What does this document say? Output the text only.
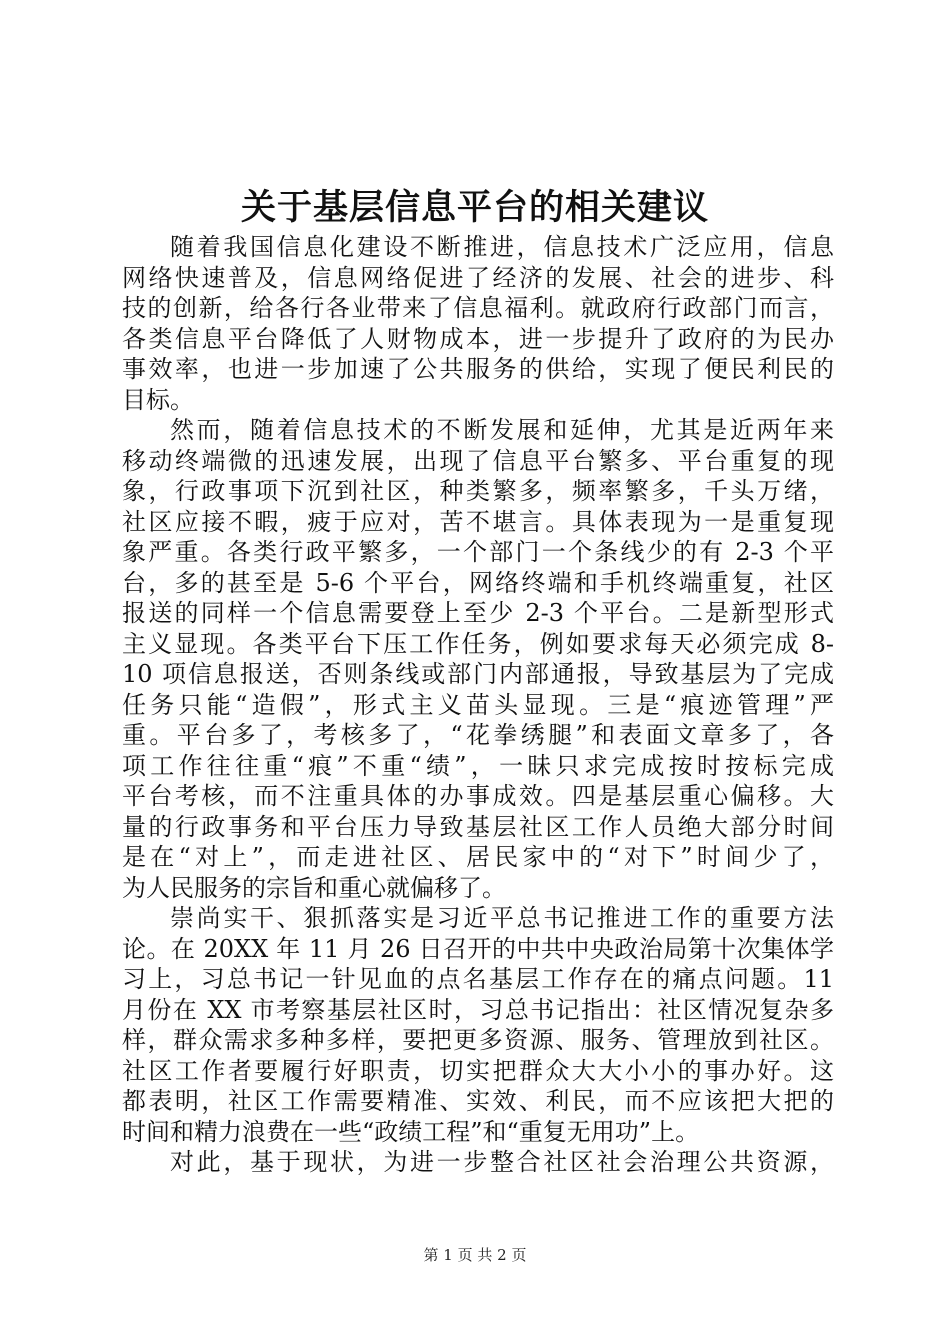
关于基层信息平台的相关建议
随着我国信息化建设不断推进，信息技术广泛应用，信息
网络快速普及，信息网络促进了经济的发展、社会的进步、科
技的创新，给各行各业带来了信息福利。就政府行政部门而言，
各类信息平台降低了人财物成本，进一步提升了政府的为民办
事效率，也进一步加速了公共服务的供给，实现了便民利民的
目标。
然而，随着信息技术的不断发展和延伸，尤其是近两年来
移动终端微的迅速发展，出现了信息平台繁多、平台重复的现
象，行政事项下沉到社区，种类繁多，频率繁多，千头万绪，
社区应接不暇，疲于应对，苦不堪言。具体表现为一是重复现
象严重。各类行政平繁多，一个部门一个条线少的有 2-3 个平
台，多的甚至是 5-6 个平台，网络终端和手机终端重复，社区
报送的同样一个信息需要登上至少 2-3 个平台。二是新型形式
主义显现。各类平台下压工作任务，例如要求每天必须完成 8-
10 项信息报送，否则条线或部门内部通报，导致基层为了完成
任务只能“造假”，形式主义苗头显现。三是“痕迹管理”严
重。平台多了，考核多了，“花拳绣腿”和表面文章多了，各
项工作往往重“痕”不重“绩”，一昧只求完成按时按标完成
平台考核，而不注重具体的办事成效。四是基层重心偏移。大
量的行政事务和平台压力导致基层社区工作人员绝大部分时间
是在“对上”，而走进社区、居民家中的“对下”时间少了，
为人民服务的宗旨和重心就偏移了。
崇尚实干、狠抓落实是习近平总书记推进工作的重要方法
论。在 20XX 年 11 月 26 日召开的中共中央政治局第十次集体学
习上，习总书记一针见血的点名基层工作存在的痛点问题。11
月份在 XX 市考察基层社区时，习总书记指出：社区情况复杂多
样，群众需求多种多样，要把更多资源、服务、管理放到社区。
社区工作者要履行好职责，切实把群众大大小小的事办好。这
都表明，社区工作需要精准、实效、利民，而不应该把大把的
时间和精力浪费在一些“政绩工程”和“重复无用功”上。
对此，基于现状，为进一步整合社区社会治理公共资源，
第 1 页 共 2 页
